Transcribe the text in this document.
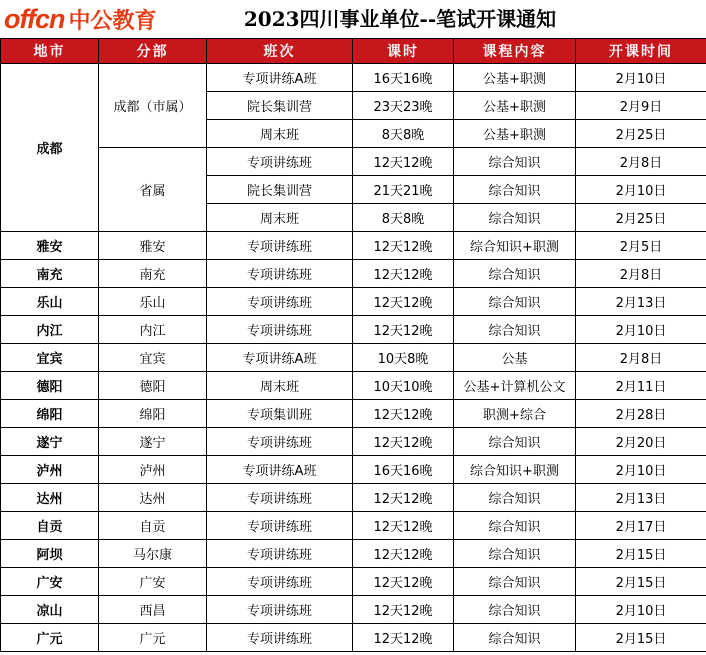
offcn 中公教育	2023四川事业单位--笔试开课通知
地市	分部	班次	课时	课程内容	开课时间
成都	成都（市属）	专项讲练A班	16天16晚	公基+职测	2月10日
		院长集训营	23天23晚	公基+职测	2月9日
		周末班	8天8晚	公基+职测	2月25日
	省属	专项讲练班	12天12晚	综合知识	2月8日
		院长集训营	21天21晚	综合知识	2月10日
		周末班	8天8晚	综合知识	2月25日
雅安	雅安	专项讲练班	12天12晚	综合知识+职测	2月5日
南充	南充	专项讲练班	12天12晚	综合知识	2月8日
乐山	乐山	专项讲练班	12天12晚	综合知识	2月13日
内江	内江	专项讲练班	12天12晚	综合知识	2月10日
宜宾	宜宾	专项讲练A班	10天8晚	公基	2月8日
德阳	德阳	周末班	10天10晚	公基+计算机公文	2月11日
绵阳	绵阳	专项集训班	12天12晚	职测+综合	2月28日
遂宁	遂宁	专项讲练班	12天12晚	综合知识	2月20日
泸州	泸州	专项讲练A班	16天16晚	综合知识+职测	2月10日
达州	达州	专项讲练班	12天12晚	综合知识	2月13日
自贡	自贡	专项讲练班	12天12晚	综合知识	2月17日
阿坝	马尔康	专项讲练班	12天12晚	综合知识	2月15日
广安	广安	专项讲练班	12天12晚	综合知识	2月15日
凉山	西昌	专项讲练班	12天12晚	综合知识	2月10日
广元	广元	专项讲练班	12天12晚	综合知识	2月15日
